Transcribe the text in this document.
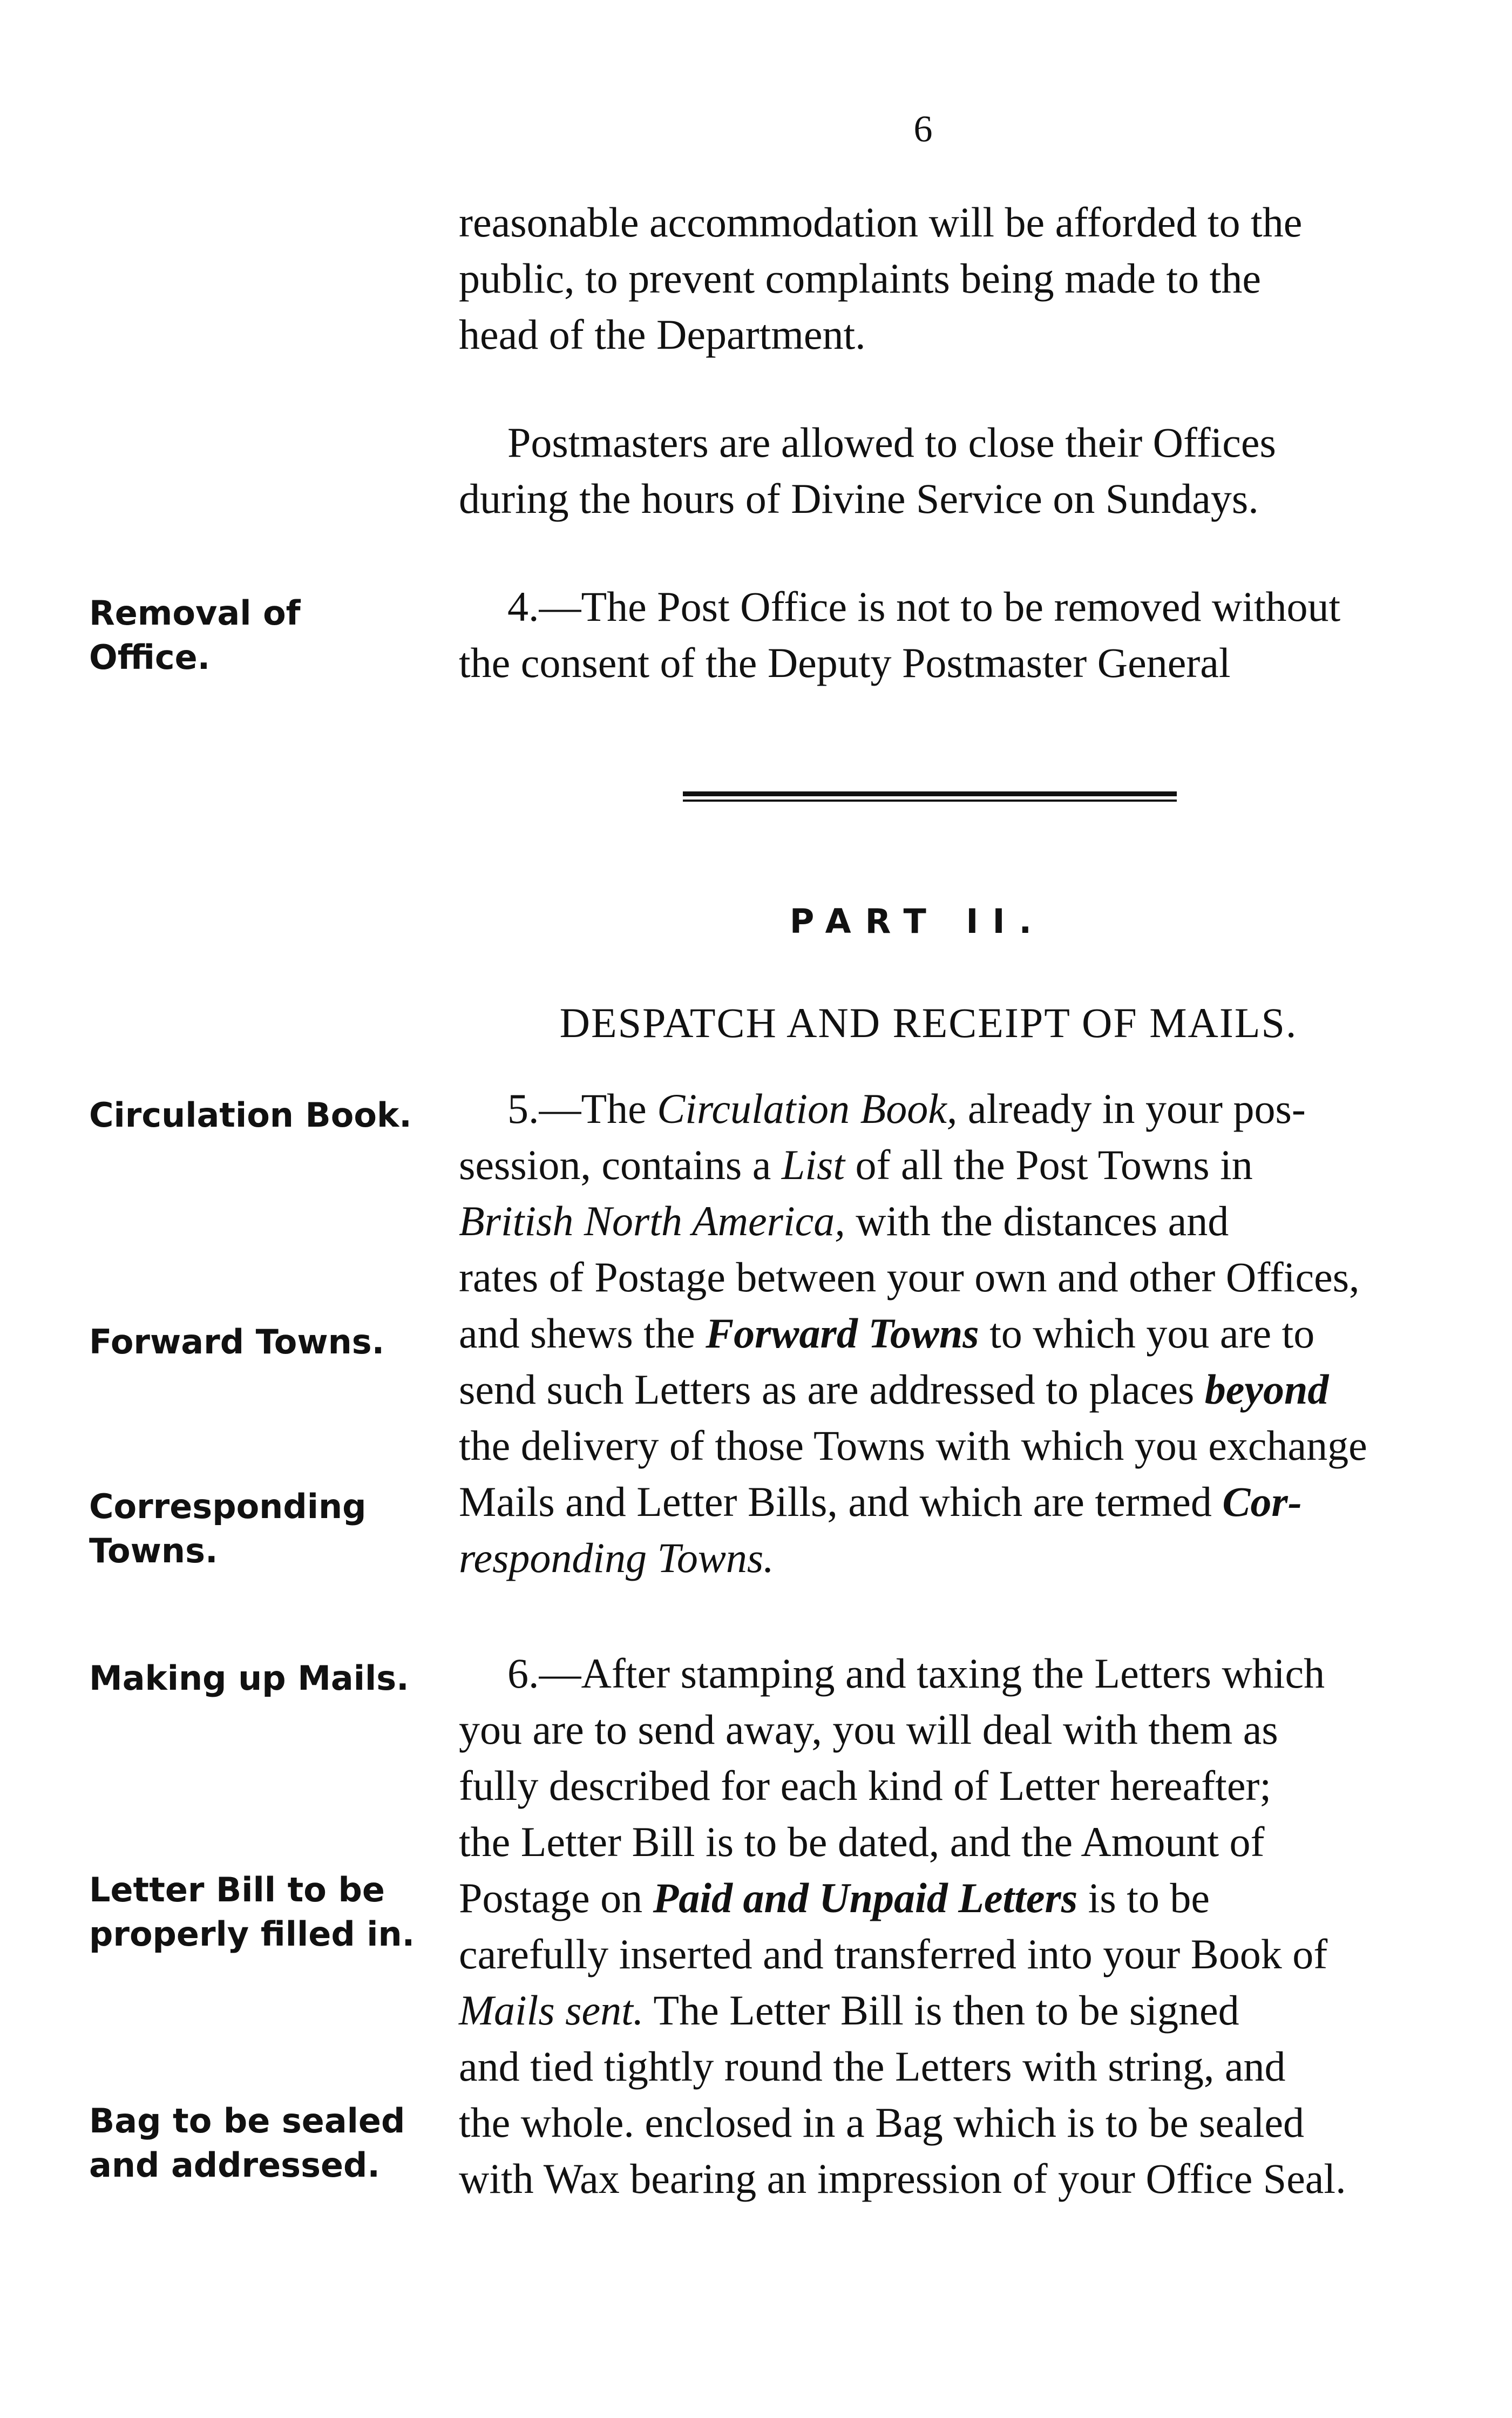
6
reasonable accommodation will be afforded to the
public, to prevent complaints being made to the
head of the Department.
Postmasters are allowed to close their Offices
during the hours of Divine Service on Sundays.
Removal of
Office.
4.—The Post Office is not to be removed without
the consent of the Deputy Postmaster General
PART II.
DESPATCH AND RECEIPT OF MAILS.
Circulation Book.
Forward Towns.
Corresponding
Towns.
5.—The Circulation Book, already in your pos-
session, contains a List of all the Post Towns in
British North America, with the distances and
rates of Postage between your own and other Offices,
and shews the Forward Towns to which you are to
send such Letters as are addressed to places beyond
the delivery of those Towns with which you exchange
Mails and Letter Bills, and which are termed Cor-
responding Towns.
Making up Mails.
Letter Bill to be
properly filled in.
Bag to be sealed
and addressed.
6.—After stamping and taxing the Letters which
you are to send away, you will deal with them as
fully described for each kind of Letter hereafter;
the Letter Bill is to be dated, and the Amount of
Postage on Paid and Unpaid Letters is to be
carefully inserted and transferred into your Book of
Mails sent. The Letter Bill is then to be signed
and tied tightly round the Letters with string, and
the whole. enclosed in a Bag which is to be sealed
with Wax bearing an impression of your Office Seal.
